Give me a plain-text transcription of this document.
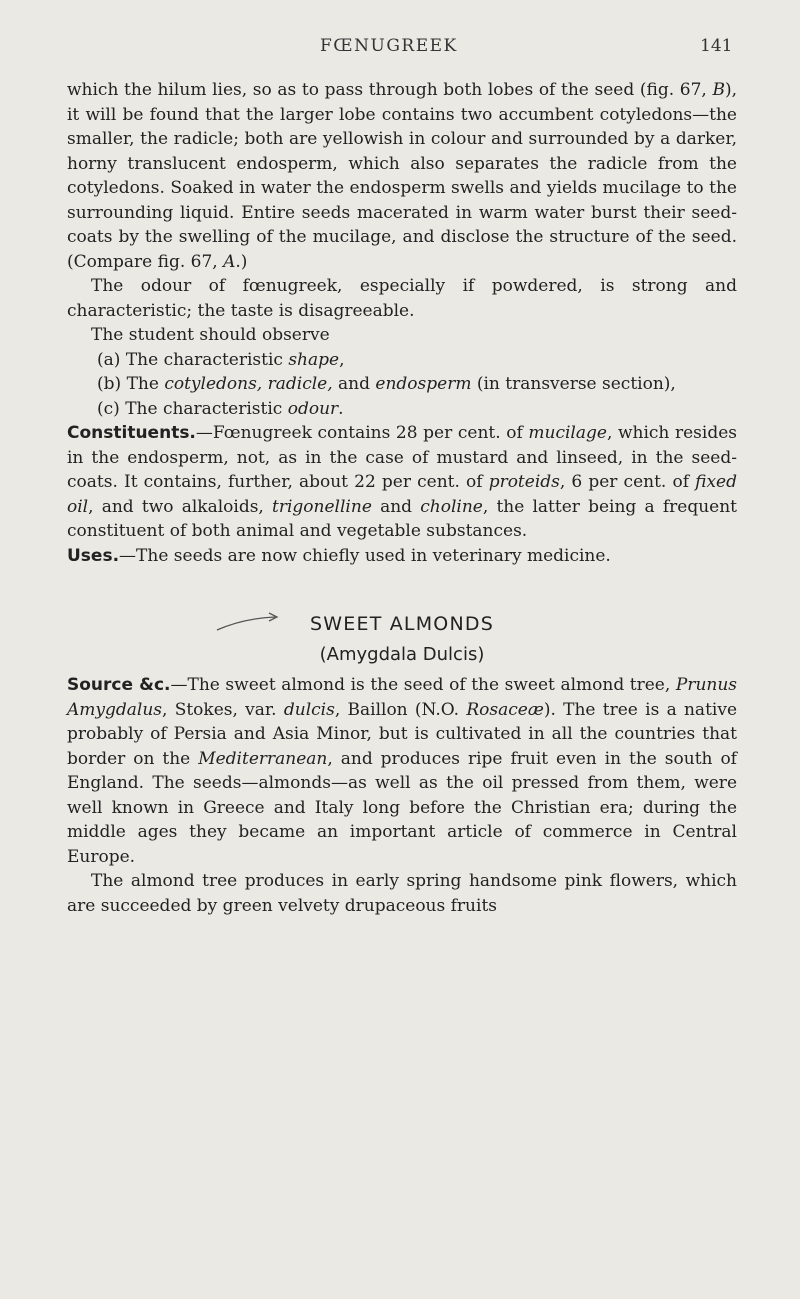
FŒNUGREEK	141

which the hilum lies, so as to pass through both lobes of the seed (fig. 67, B), it will be found that the larger lobe contains two accumbent cotyledons—the smaller, the radicle; both are yellowish in colour and surrounded by a darker, horny translucent endosperm, which also separates the radicle from the cotyledons. Soaked in water the endosperm swells and yields mucilage to the surrounding liquid. Entire seeds macerated in warm water burst their seed-coats by the swelling of the mucilage, and disclose the structure of the seed. (Compare fig. 67, A.)

The odour of fœnugreek, especially if powdered, is strong and characteristic; the taste is disagreeable.

The student should observe

(a) The characteristic shape,
(b) The cotyledons, radicle, and endosperm (in transverse section),
(c) The characteristic odour.

Constituents.—Fœnugreek contains 28 per cent. of mucilage, which resides in the endosperm, not, as in the case of mustard and linseed, in the seed-coats. It contains, further, about 22 per cent. of proteids, 6 per cent. of fixed oil, and two alkaloids, trigonelline and choline, the latter being a frequent constituent of both animal and vegetable substances.

Uses.—The seeds are now chiefly used in veterinary medicine.

SWEET ALMONDS
(Amygdala Dulcis)

Source &c.—The sweet almond is the seed of the sweet almond tree, Prunus Amygdalus, Stokes, var. dulcis, Baillon (N.O. Rosaceæ). The tree is a native probably of Persia and Asia Minor, but is cultivated in all the countries that border on the Mediterranean, and produces ripe fruit even in the south of England. The seeds—almonds—as well as the oil pressed from them, were well known in Greece and Italy long before the Christian era; during the middle ages they became an important article of commerce in Central Europe.

The almond tree produces in early spring handsome pink flowers, which are succeeded by green velvety drupaceous fruits
